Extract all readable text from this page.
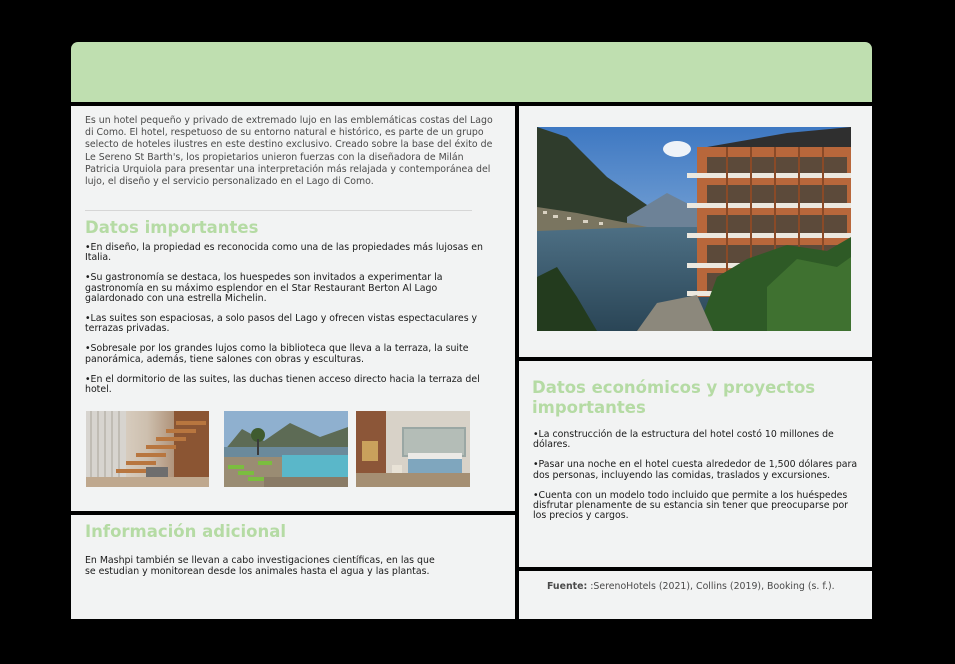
Es un hotel pequeño y privado de extremado lujo en las emblemáticas costas del Lago di Como. El hotel, respetuoso de su entorno natural e histórico, es parte de un grupo selecto de hoteles ilustres en este destino exclusivo. Creado sobre la base del éxito de Le Sereno St Barth's, los propietarios unieron fuerzas con la diseñadora de Milán Patricia Urquiola para presentar una interpretación más relajada y contemporánea del lujo, el diseño y el servicio personalizado en el Lago di Como.

Datos importantes

•En diseño, la propiedad es reconocida como una de las propiedades más lujosas en Italia.

•Su gastronomía se destaca, los huespedes son invitados a experimentar la gastronomía en su máximo esplendor en el Star Restaurant Berton Al Lago galardonado con una estrella Michelin.

•Las suites son espaciosas, a solo pasos del Lago y ofrecen vistas espectaculares y terrazas privadas.

•Sobresale por los grandes lujos como la biblioteca que lleva a la terraza, la suite panorámica, además, tiene salones con obras y esculturas.

•En el dormitorio de las suites, las duchas tienen acceso directo hacia la terraza del hotel.	Datos económicos y proyectos importantes

•La construcción de la estructura del hotel costó 10 millones de dólares.

•Pasar una noche en el hotel cuesta alrededor de 1,500 dólares para dos personas, incluyendo las comidas, traslados y excursiones.

•Cuenta con un modelo todo incluido que permite a los huéspedes disfrutar plenamente de su estancia sin tener que preocuparse por los precios y cargos.

Información adicional

En Mashpi también se llevan a cabo investigaciones científicas, en las que se estudian y monitorean desde los animales hasta el agua y las plantas.

Fuente: :SerenoHotels (2021), Collins (2019), Booking (s. f.).
